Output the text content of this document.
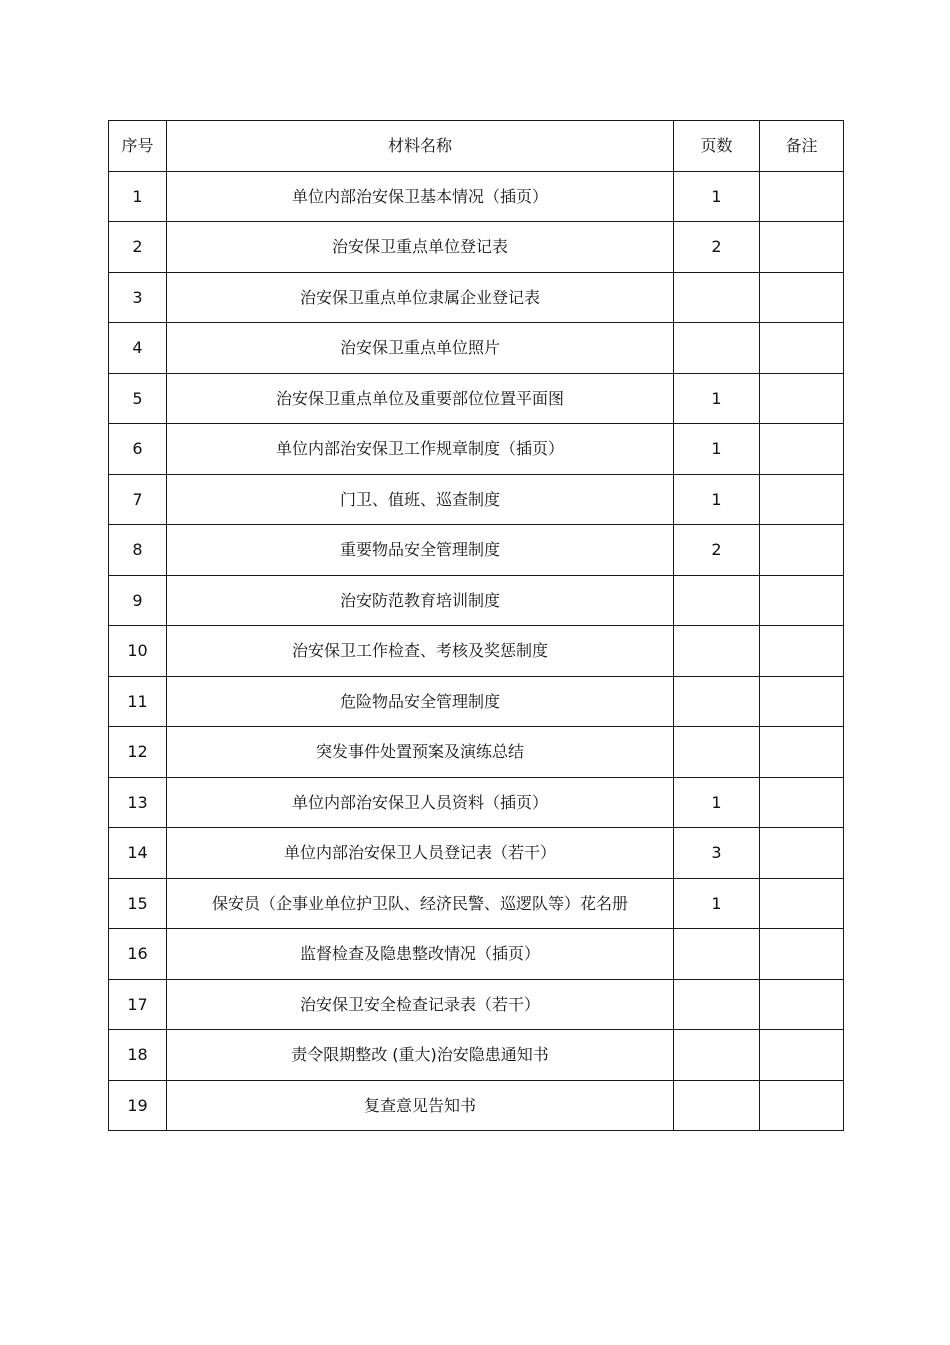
序号	材料名称	页数	备注
1	单位内部治安保卫基本情况（插页）	1	
2	治安保卫重点单位登记表	2	
3	治安保卫重点单位隶属企业登记表		
4	治安保卫重点单位照片		
5	治安保卫重点单位及重要部位位置平面图	1	
6	单位内部治安保卫工作规章制度（插页）	1	
7	门卫、值班、巡查制度	1	
8	重要物品安全管理制度	2	
9	治安防范教育培训制度		
10	治安保卫工作检查、考核及奖惩制度		
11	危险物品安全管理制度		
12	突发事件处置预案及演练总结		
13	单位内部治安保卫人员资料（插页）	1	
14	单位内部治安保卫人员登记表（若干）	3	
15	保安员（企事业单位护卫队、经济民警、巡逻队等）花名册	1	
16	监督检查及隐患整改情况（插页）		
17	治安保卫安全检查记录表（若干）		
18	责令限期整改 (重大)治安隐患通知书		
19	复查意见告知书		
